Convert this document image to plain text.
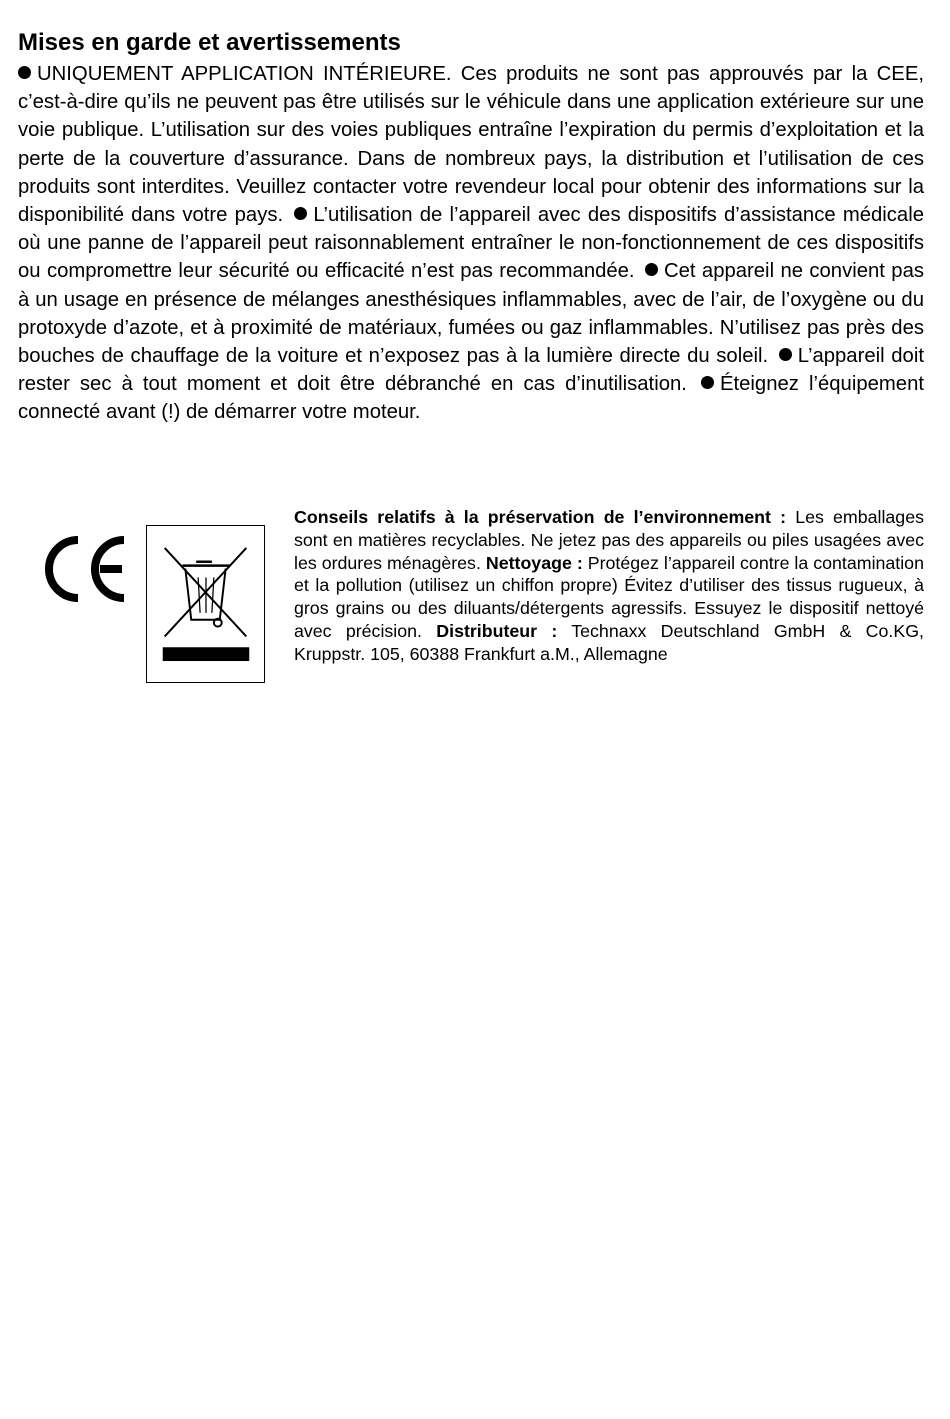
Mises en garde et avertissements

UNIQUEMENT APPLICATION INTÉRIEURE. Ces produits ne sont pas approuvés par la CEE, c’est-à-dire qu’ils ne peuvent pas être utilisés sur le véhicule dans une application extérieure sur une voie publique. L’utilisation sur des voies publiques entraîne l’expiration du permis d’exploitation et la perte de la couverture d’assurance. Dans de nombreux pays, la distribution et l’utilisation de ces produits sont interdites. Veuillez contacter votre revendeur local pour obtenir des informations sur la disponibilité dans votre pays. L’utilisation de l’appareil avec des dispositifs d’assistance médicale où une panne de l’appareil peut raisonnablement entraîner le non-fonctionnement de ces dispositifs ou compromettre leur sécurité ou efficacité n’est pas recommandée. Cet appareil ne convient pas à un usage en présence de mélanges anesthésiques inflammables, avec de l’air, de l’oxygène ou du protoxyde d’azote, et à proximité de matériaux, fumées ou gaz inflammables. N’utilisez pas près des bouches de chauffage de la voiture et n’exposez pas à la lumière directe du soleil. L’appareil doit rester sec à tout moment et doit être débranché en cas d’inutilisation. Éteignez l’équipement connecté avant (!) de démarrer votre moteur.

Conseils relatifs à la préservation de l’environnement : Les emballages sont en matières recyclables. Ne jetez pas des appareils ou piles usagées avec les ordures ménagères. Nettoyage : Protégez l’appareil contre la contamination et la pollution (utilisez un chiffon propre) Évitez d’utiliser des tissus rugueux, à gros grains ou des diluants/détergents agressifs. Essuyez le dispositif nettoyé avec précision. Distributeur : Technaxx Deutschland GmbH & Co.KG, Kruppstr. 105, 60388 Frankfurt a.M., Allemagne
